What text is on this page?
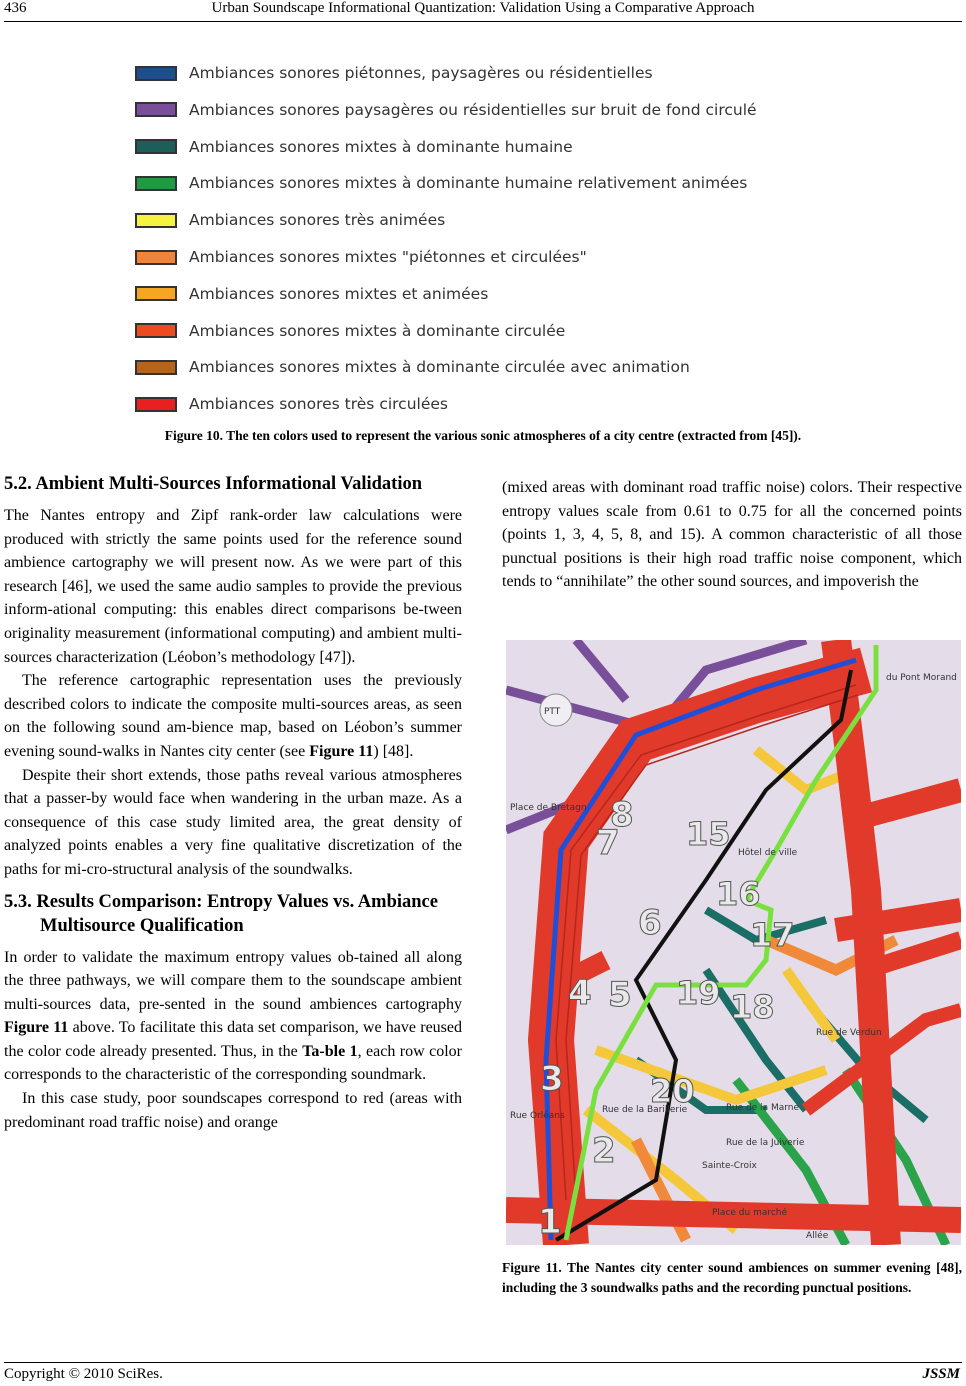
436	Urban Soundscape Informational Quantization: Validation Using a Comparative Approach
Ambiances sonores piétonnes, paysagères ou résidentielles
Ambiances sonores paysagères ou résidentielles sur bruit de fond circulé
Ambiances sonores mixtes à dominante humaine
Ambiances sonores mixtes à dominante humaine relativement animées
Ambiances sonores très animées
Ambiances sonores mixtes "piétonnes et circulées"
Ambiances sonores mixtes et animées
Ambiances sonores mixtes à dominante circulée
Ambiances sonores mixtes à dominante circulée avec animation
Ambiances sonores très circulées
Figure 10. The ten colors used to represent the various sonic atmospheres of a city centre (extracted from [45]).
5.2. Ambient Multi-Sources Informational Validation

The Nantes entropy and Zipf rank-order law calculations were produced with strictly the same points used for the reference sound ambience cartography we will present now. As we were part of this research [46], we used the same audio samples to provide the previous inform-ational computing: this enables direct comparisons be-tween originality measurement (informational computing) and ambient multi-sources characterization (Léobon’s methodology [47]).

The reference cartographic representation uses the previously described colors to indicate the composite multi-sources areas, as seen on the following sound am-bience map, based on Léobon’s summer evening sound-walks in Nantes city center (see Figure 11) [48].

Despite their short extends, those paths reveal various atmospheres that a passer-by would face when wandering in the urban maze. As a consequence of this case study limited area, the great density of analyzed points enables a very fine qualitative discretization of the paths for mi-cro-structural analysis of the soundwalks.

5.3. Results Comparison: Entropy Values vs. Ambiance Multisource Qualification

In order to validate the maximum entropy values ob-tained all along the three pathways, we will compare them to the soundscape ambient multi-sources data, pre-sented in the sound ambiences cartography Figure 11 above. To facilitate this data set comparison, we have reused the color code already presented. Thus, in the Ta-ble 1, each row color corresponds to the characteristic of the corresponding soundmark.

In this case study, poor soundscapes correspond to red (areas with predominant road traffic noise) and orange

(mixed areas with dominant road traffic noise) colors. Their respective entropy values scale from 0.61 to 0.75 for all the concerned points (points 1, 3, 4, 5, 8, and 15). A common characteristic of all those punctual positions is their high road traffic noise component, which tends to “annihilate” the other sound sources, and impoverish the

PTT
Place de Bretagn
Hôtel de ville
Rue Orléans
Rue de la Barillerie	Rue de la Marne
Rue de la Juiverie
Sainte-Croix
Place du marché
du Pont Morand
Rue de Verdun
Allée
1
2
3
4 5
6
7
8 15
16
17
18
19
20
Figure 11. The Nantes city center sound ambiences on summer evening [48], including the 3 soundwalks paths and the recording punctual positions.
Copyright © 2010 SciRes.	JSSM
